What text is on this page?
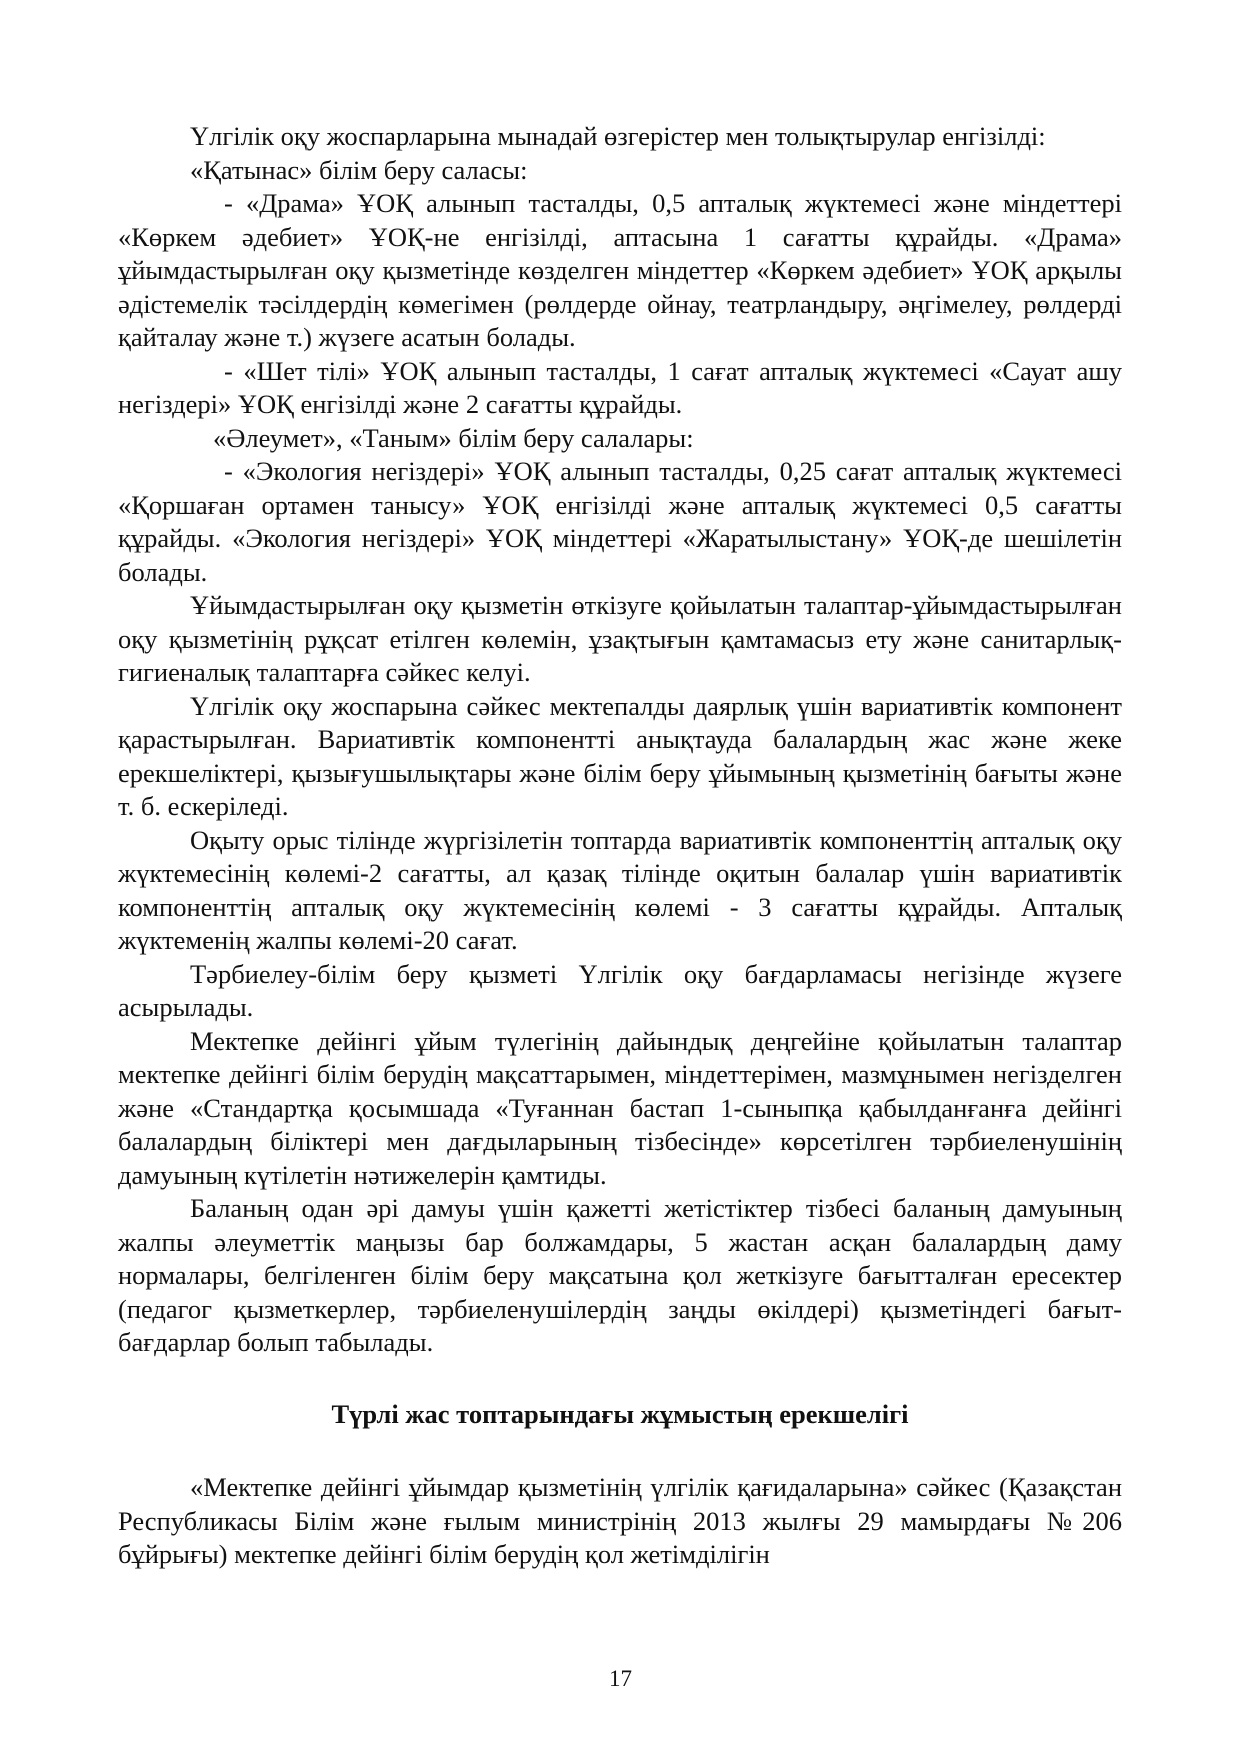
Үлгілік оқу жоспарларына мынадай өзгерістер мен толықтырулар енгізілді:

«Қатынас» білім беру саласы:

- «Драма» ҰОҚ алынып тасталды, 0,5 апталық жүктемесі және міндеттері «Көркем әдебиет» ҰОҚ-не енгізілді, аптасына 1 сағатты құрайды. «Драма» ұйымдастырылған оқу қызметінде көзделген міндеттер «Көркем әдебиет» ҰОҚ арқылы әдістемелік тәсілдердің көмегімен (рөлдерде ойнау, театрландыру, әңгімелеу, рөлдерді қайталау және т.) жүзеге асатын болады.

- «Шет тілі» ҰОҚ алынып тасталды, 1 сағат апталық жүктемесі «Сауат ашу негіздері» ҰОҚ енгізілді және 2 сағатты құрайды.

«Әлеумет», «Таным» білім беру салалары:

- «Экология негіздері» ҰОҚ алынып тасталды, 0,25 сағат апталық жүктемесі «Қоршаған ортамен танысу» ҰОҚ енгізілді және апталық жүктемесі 0,5 сағатты құрайды. «Экология негіздері» ҰОҚ міндеттері «Жаратылыстану» ҰОҚ-де шешілетін болады.

Ұйымдастырылған оқу қызметін өткізуге қойылатын талаптар-ұйымдастырылған оқу қызметінің рұқсат етілген көлемін, ұзақтығын қамтамасыз ету және санитарлық-гигиеналық талаптарға сәйкес келуі.

Үлгілік оқу жоспарына сәйкес мектепалды даярлық үшін вариативтік компонент қарастырылған. Вариативтік компонентті анықтауда балалардың жас және жеке ерекшеліктері, қызығушылықтары және білім беру ұйымының қызметінің бағыты және т. б. ескеріледі.

Оқыту орыс тілінде жүргізілетін топтарда вариативтік компоненттің апталық оқу жүктемесінің көлемі-2 сағатты, ал қазақ тілінде оқитын балалар үшін вариативтік компоненттің апталық оқу жүктемесінің көлемі - 3 сағатты құрайды. Апталық жүктеменің жалпы көлемі-20 сағат.

Тәрбиелеу-білім беру қызметі Үлгілік оқу бағдарламасы негізінде жүзеге асырылады.

Мектепке дейінгі ұйым түлегінің дайындық деңгейіне қойылатын талаптар мектепке дейінгі білім берудің мақсаттарымен, міндеттерімен, мазмұнымен негізделген және «Стандартқа қосымшада «Туғаннан бастап 1-сыныпқа қабылданғанға дейінгі балалардың біліктері мен дағдыларының тізбесінде» көрсетілген тәрбиеленушінің дамуының күтілетін нәтижелерін қамтиды.

Баланың одан әрі дамуы үшін қажетті жетістіктер тізбесі баланың дамуының жалпы әлеуметтік маңызы бар болжамдары, 5 жастан асқан балалардың даму нормалары, белгіленген білім беру мақсатына қол жеткізуге бағытталған ересектер (педагог қызметкерлер, тәрбиеленушілердің заңды өкілдері) қызметіндегі бағыт-бағдарлар болып табылады.

Түрлі жас топтарындағы жұмыстың ерекшелігі

«Мектепке дейінгі ұйымдар қызметінің үлгілік қағидаларына» сәйкес (Қазақстан Республикасы Білім және ғылым министрінің 2013 жылғы 29 мамырдағы №206 бұйрығы) мектепке дейінгі білім берудің қол жетімділігін

17
